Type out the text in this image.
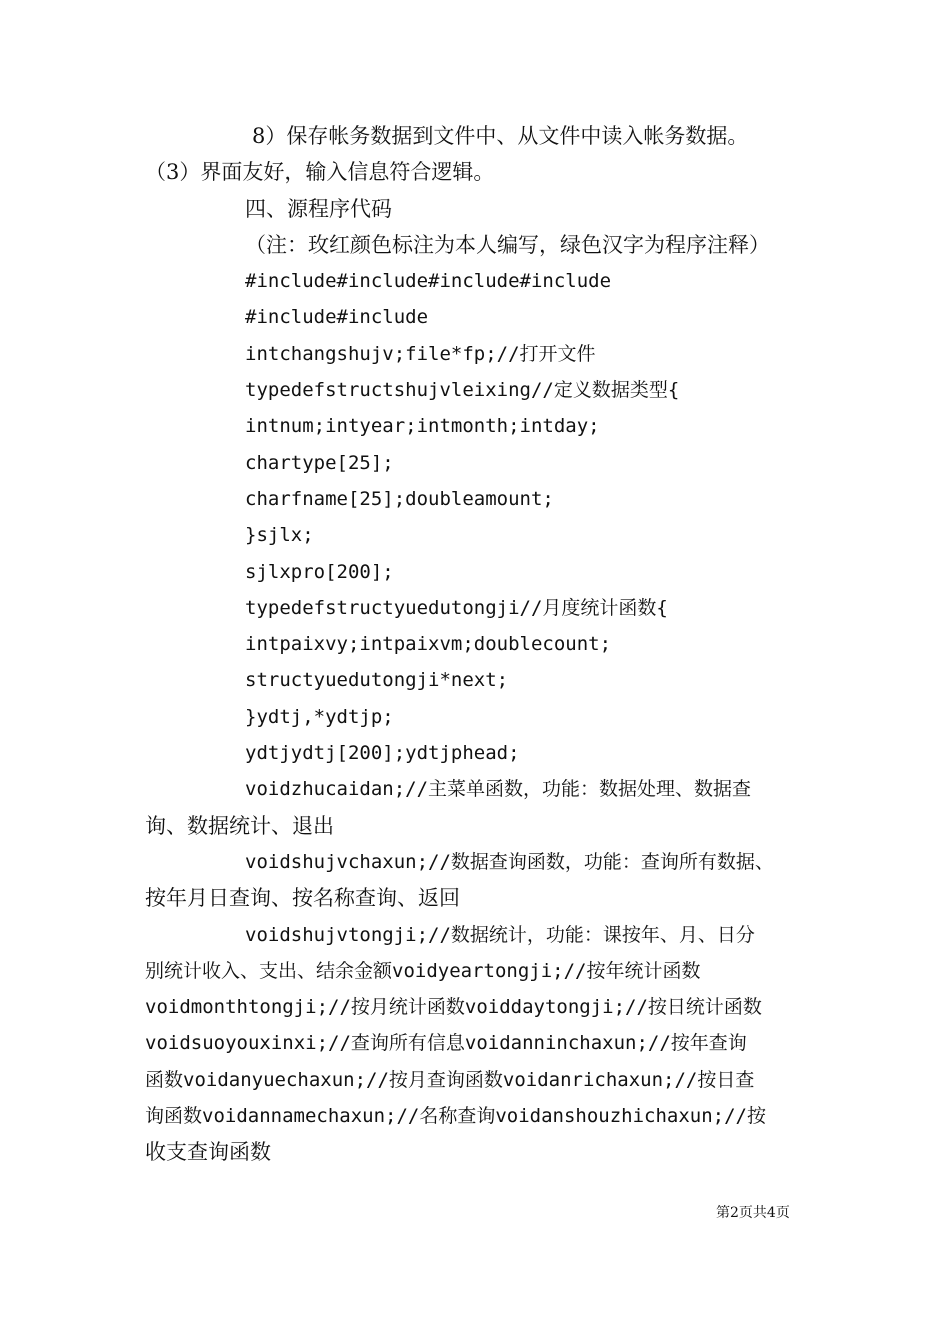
8）保存帐务数据到文件中、从文件中读入帐务数据。
（3）界面友好，输入信息符合逻辑。
四、源程序代码
（注：玫红颜色标注为本人编写，绿色汉字为程序注释）
#include#include#include#include
#include#include
intchangshujv;file*fp;//打开文件
typedefstructshujvleixing//定义数据类型{
intnum;intyear;intmonth;intday;
chartype[25];
charfname[25];doubleamount;
}sjlx;
sjlxpro[200];
typedefstructyuedutongji//月度统计函数{
intpaixvy;intpaixvm;doublecount;
structyuedutongji*next;
}ydtj,*ydtjp;
ydtjydtj[200];ydtjphead;
voidzhucaidan;//主菜单函数，功能：数据处理、数据查
询、数据统计、退出
voidshujvchaxun;//数据查询函数，功能：查询所有数据、
按年月日查询、按名称查询、返回
voidshujvtongji;//数据统计，功能：课按年、月、日分
别统计收入、支出、结余金额voidyeartongji;//按年统计函数
voidmonthtongji;//按月统计函数voiddaytongji;//按日统计函数
voidsuoyouxinxi;//查询所有信息voidanninchaxun;//按年查询
函数voidanyuechaxun;//按月查询函数voidanrichaxun;//按日查
询函数voidannamechaxun;//名称查询voidanshouzhichaxun;//按
收支查询函数
第2页共4页
